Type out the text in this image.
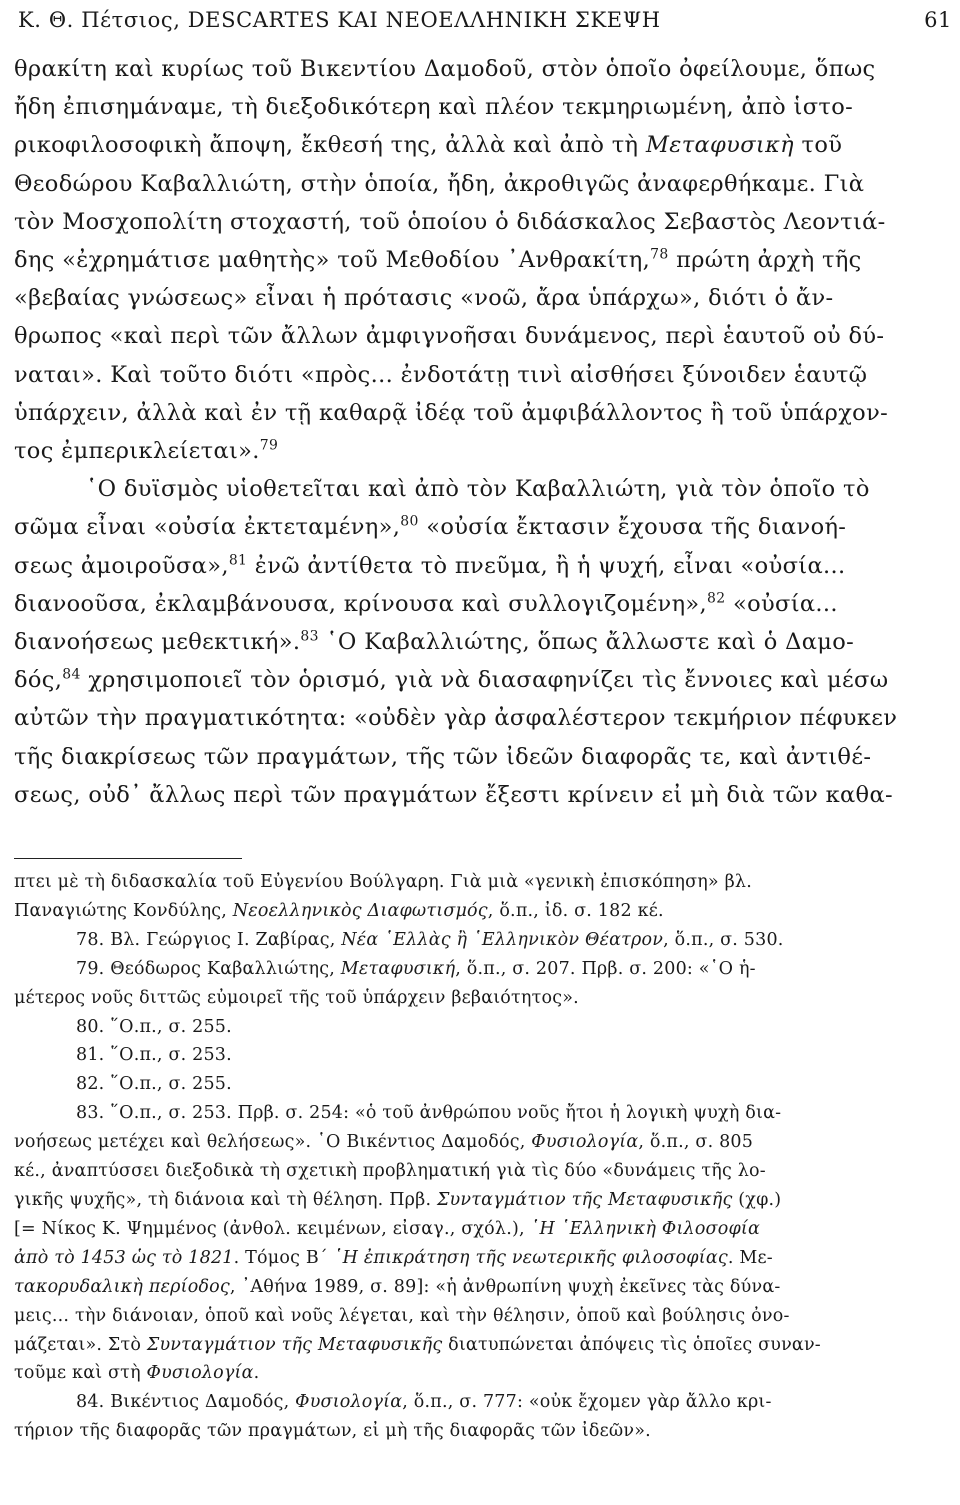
Κ. Θ. Πέτσιος, DESCARTES ΚΑΙ ΝΕΟΕΛΛΗΝΙΚΗ ΣΚΕΨΗ	61
θρακίτη καὶ κυρίως τοῦ Βικεντίου Δαμοδοῦ, στὸν ὁποῖο ὀφείλουμε, ὅπως
ἤδη ἐπισημάναμε, τὴ διεξοδικότερη καὶ πλέον τεκμηριωμένη, ἀπὸ ἱστο-
ρικοφιλοσοφικὴ ἄποψη, ἔκθεσή της, ἀλλὰ καὶ ἀπὸ τὴ Μεταφυσικὴ τοῦ
Θεοδώρου Καβαλλιώτη, στὴν ὁποία, ἤδη, ἀκροθιγῶς ἀναφερθήκαμε. Γιὰ
τὸν Μοσχοπολίτη στοχαστή, τοῦ ὁποίου ὁ διδάσκαλος Σεβαστὸς Λεοντιά-
δης «ἐχρημάτισε μαθητὴς» τοῦ Μεθοδίου ᾿Ανθρακίτη,$^{78}$ πρώτη ἀρχὴ τῆς
«βεβαίας γνώσεως» εἶναι ἡ πρότασις «νοῶ, ἄρα ὑπάρχω», διότι ὁ ἄν-
θρωπος «καὶ περὶ τῶν ἄλλων ἀμφιγνοῆσαι δυνάμενος, περὶ ἑαυτοῦ οὐ δύ-
ναται». Καὶ τοῦτο διότι «πρὸς... ἐνδοτάτῃ τινὶ αἰσθήσει ξύνοιδεν ἑαυτῷ
ὑπάρχειν, ἀλλὰ καὶ ἐν τῇ καθαρᾷ ἰδέᾳ τοῦ ἀμφιβάλλοντος ἢ τοῦ ὑπάρχον-
τος ἐμπερικλείεται».$^{79}$
῾Ο δυϊσμὸς υἱοθετεῖται καὶ ἀπὸ τὸν Καβαλλιώτη, γιὰ τὸν ὁποῖο τὸ
σῶμα εἶναι «οὐσία ἐκτεταμένη»,$^{80}$ «οὐσία ἔκτασιν ἔχουσα τῆς διανοή-
σεως ἀμοιροῦσα»,$^{81}$ ἐνῶ ἀντίθετα τὸ πνεῦμα, ἢ ἡ ψυχή, εἶναι «οὐσία...
διανοοῦσα, ἐκλαμβάνουσα, κρίνουσα καὶ συλλογιζομένη»,$^{82}$ «οὐσία...
διανοήσεως μεθεκτική».$^{83}$ ῾Ο Καβαλλιώτης, ὅπως ἄλλωστε καὶ ὁ Δαμο-
δός,$^{84}$ χρησιμοποιεῖ τὸν ὁρισμό, γιὰ νὰ διασαφηνίζει τὶς ἔννοιες καὶ μέσω
αὐτῶν τὴν πραγματικότητα: «οὐδὲν γὰρ ἀσφαλέστερον τεκμήριον πέφυκεν
τῆς διακρίσεως τῶν πραγμάτων, τῆς τῶν ἰδεῶν διαφορᾶς τε, καὶ ἀντιθέ-
σεως, οὐδ᾿ ἄλλως περὶ τῶν πραγμάτων ἔξεστι κρίνειν εἰ μὴ διὰ τῶν καθα-
πτει μὲ τὴ διδασκαλία τοῦ Εὐγενίου Βούλγαρη. Γιὰ μιὰ «γενικὴ ἐπισκόπηση» βλ.
Παναγιώτης Κονδύλης, Νεοελληνικὸς Διαφωτισμός, ὅ.π., ἰδ. σ. 182 κέ.
78. Βλ. Γεώργιος Ι. Ζαβίρας, Νέα ῾Ελλὰς ἢ ῾Ελληνικὸν Θέατρον, ὅ.π., σ. 530.
79. Θεόδωρος Καβαλλιώτης, Μεταφυσική, ὅ.π., σ. 207. Πρβ. σ. 200: «῾Ο ἡ-
μέτερος νοῦς διττῶς εὐμοιρεῖ τῆς τοῦ ὑπάρχειν βεβαιότητος».
80. ῞Ο.π., σ. 255.
81. ῞Ο.π., σ. 253.
82. ῞Ο.π., σ. 255.
83. ῞Ο.π., σ. 253. Πρβ. σ. 254: «ὁ τοῦ ἀνθρώπου νοῦς ἤτοι ἡ λογικὴ ψυχὴ δια-
νοήσεως μετέχει καὶ θελήσεως». ῾Ο Βικέντιος Δαμοδός, Φυσιολογία, ὅ.π., σ. 805
κέ., ἀναπτύσσει διεξοδικὰ τὴ σχετικὴ προβληματική γιὰ τὶς δύο «δυνάμεις τῆς λο-
γικῆς ψυχῆς», τὴ διάνοια καὶ τὴ θέληση. Πρβ. Συνταγμάτιον τῆς Μεταφυσικῆς (χφ.)
[= Νίκος Κ. Ψημμένος (ἀνθολ. κειμένων, εἰσαγ., σχόλ.), ῾Η ῾Ελληνικὴ Φιλοσοφία
ἀπὸ τὸ 1453 ὡς τὸ 1821. Τόμος Β´ ῾Η ἐπικράτηση τῆς νεωτερικῆς φιλοσοφίας. Με-
τακορυδαλικὴ περίοδος, ᾿Αθήνα 1989, σ. 89]: «ἡ ἀνθρωπίνη ψυχὴ ἐκεῖνες τὰς δύνα-
μεις... τὴν διάνοιαν, ὁποῦ καὶ νοῦς λέγεται, καὶ τὴν θέλησιν, ὁποῦ καὶ βούλησις ὀνο-
μάζεται». Στὸ Συνταγμάτιον τῆς Μεταφυσικῆς διατυπώνεται ἀπόψεις τὶς ὁποῖες συναν-
τοῦμε καὶ στὴ Φυσιολογία.
84. Βικέντιος Δαμοδός, Φυσιολογία, ὅ.π., σ. 777: «οὐκ ἔχομεν γὰρ ἄλλο κρι-
τήριον τῆς διαφορᾶς τῶν πραγμάτων, εἰ μὴ τῆς διαφορᾶς τῶν ἰδεῶν».
